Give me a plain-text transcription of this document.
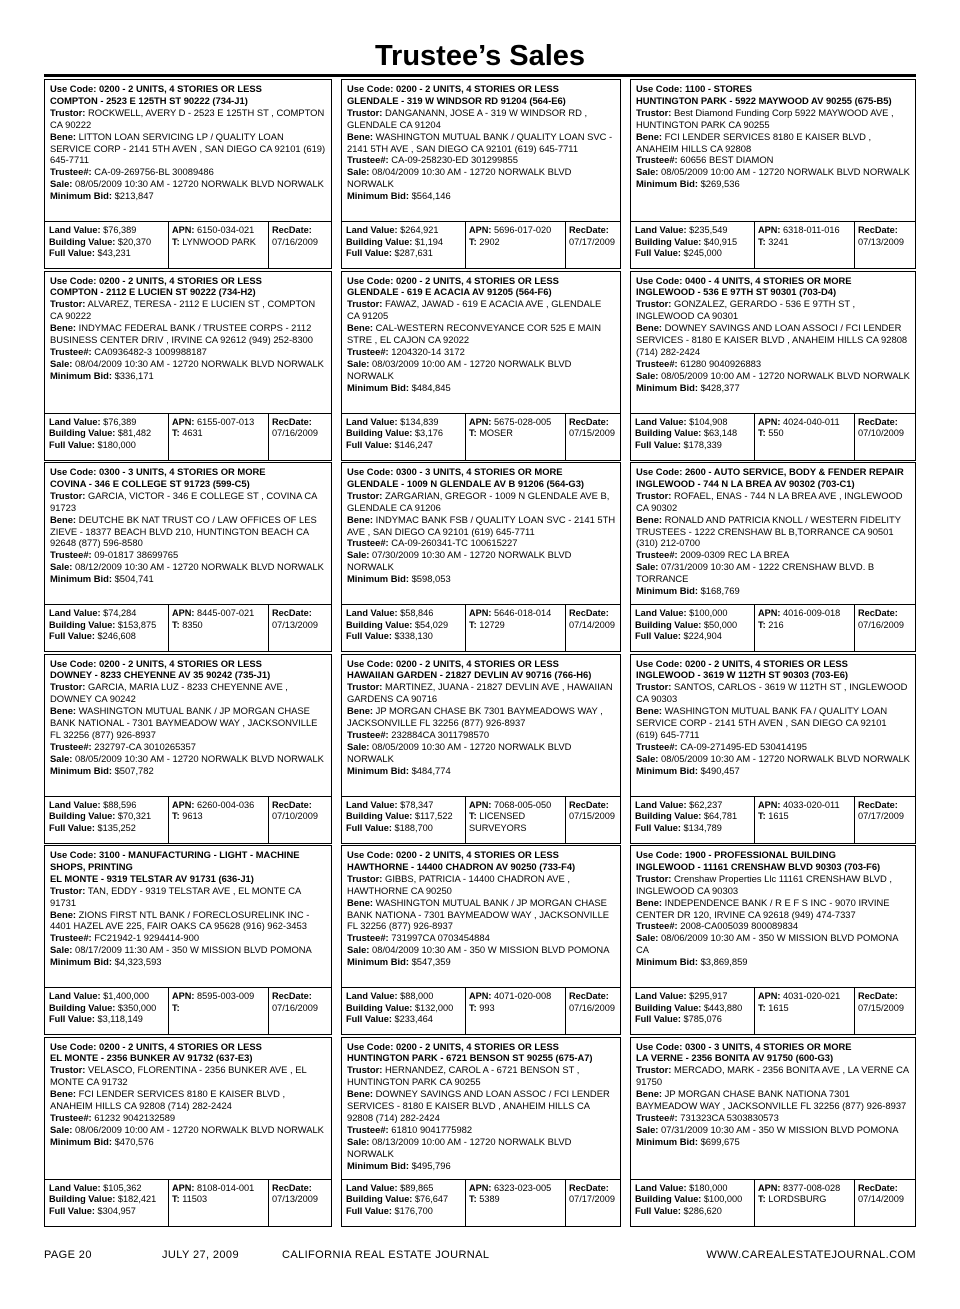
Trustee’s Sales
Use Code: 0200 - 2 UNITS, 4 STORIES OR LESS
COMPTON - 2523 E 125TH ST 90222 (734-J1)
Trustor: ROCKWELL, AVERY D - 2523 E 125TH ST , COMPTON CA 90222
Bene: LITTON LOAN SERVICING LP / QUALITY LOAN SERVICE CORP - 2141 5TH AVEN , SAN DIEGO CA 92101 (619) 645-7711
Trustee#: CA-09-269756-BL 30089486
Sale: 08/05/2009 10:30 AM - 12720 NORWALK BLVD NORWALK
Minimum Bid: $213,847
Land Value: $76,389
Building Value: $20,370
Full Value: $43,231
APN: 6150-034-021
T: LYNWOOD PARK
RecDate:
07/16/2009
Use Code: 0200 - 2 UNITS, 4 STORIES OR LESS
GLENDALE - 319 W WINDSOR RD 91204 (564-E6)
Trustor: DANGANANN, JOSE A - 319 W WINDSOR RD , GLENDALE CA 91204
Bene: WASHINGTON MUTUAL BANK / QUALITY LOAN SVC - 2141 5TH AVE , SAN DIEGO CA 92101 (619) 645-7711
Trustee#: CA-09-258230-ED 301299855
Sale: 08/04/2009 10:30 AM - 12720 NORWALK BLVD NORWALK
Minimum Bid: $564,146
Land Value: $264,921
Building Value: $1,194
Full Value: $287,631
APN: 5696-017-020
T: 2902
RecDate:
07/17/2009
Use Code: 1100 - STORES
HUNTINGTON PARK - 5922 MAYWOOD AV 90255 (675-B5)
Trustor: Best Diamond Funding Corp 5922 MAYWOOD AVE , HUNTINGTON PARK CA 90255
Bene: FCI LENDER SERVICES 8180 E KAISER BLVD , ANAHEIM HILLS CA 92808
Trustee#: 60656 BEST DIAMON
Sale: 08/05/2009 10:00 AM - 12720 NORWALK BLVD NORWALK
Minimum Bid: $269,536
Land Value: $235,549
Building Value: $40,915
Full Value: $245,000
APN: 6318-011-016
T: 3241
RecDate:
07/13/2009
Use Code: 0200 - 2 UNITS, 4 STORIES OR LESS
COMPTON - 2112 E LUCIEN ST 90222 (734-H2)
Trustor: ALVAREZ, TERESA - 2112 E LUCIEN ST , COMPTON CA 90222
Bene: INDYMAC FEDERAL BANK / TRUSTEE CORPS - 2112 BUSINESS CENTER DRIV , IRVINE CA 92612 (949) 252-8300
Trustee#: CA0936482-3 1009988187
Sale: 08/04/2009 10:30 AM - 12720 NORWALK BLVD NORWALK
Minimum Bid: $336,171
Land Value: $76,389
Building Value: $81,482
Full Value: $180,000
APN: 6155-007-013
T: 4631
RecDate:
07/16/2009
Use Code: 0200 - 2 UNITS, 4 STORIES OR LESS
GLENDALE - 619 E ACACIA AV 91205 (564-F6)
Trustor: FAWAZ, JAWAD - 619 E ACACIA AVE , GLENDALE CA 91205
Bene: CAL-WESTERN RECONVEYANCE COR 525 E MAIN STRE , EL CAJON CA 92022
Trustee#: 1204320-14 3172
Sale: 08/03/2009 10:00 AM - 12720 NORWALK BLVD NORWALK
Minimum Bid: $484,845
Land Value: $134,839
Building Value: $3,176
Full Value: $146,247
APN: 5675-028-005
T: MOSER
RecDate:
07/15/2009
Use Code: 0400 - 4 UNITS, 4 STORIES OR MORE
INGLEWOOD - 536 E 97TH ST 90301 (703-D4)
Trustor: GONZALEZ, GERARDO - 536 E 97TH ST , INGLEWOOD CA 90301
Bene: DOWNEY SAVINGS AND LOAN ASSOCI / FCI LENDER SERVICES - 8180 E KAISER BLVD , ANAHEIM HILLS CA 92808 (714) 282-2424
Trustee#: 61280 9040926883
Sale: 08/05/2009 10:00 AM - 12720 NORWALK BLVD NORWALK
Minimum Bid: $428,377
Land Value: $104,908
Building Value: $63,148
Full Value: $178,339
APN: 4024-040-011
T: 550
RecDate:
07/10/2009
Use Code: 0300 - 3 UNITS, 4 STORIES OR MORE
COVINA - 346 E COLLEGE ST 91723 (599-C5)
Trustor: GARCIA, VICTOR - 346 E COLLEGE ST , COVINA CA 91723
Bene: DEUTCHE BK NAT TRUST CO / LAW OFFICES OF LES ZIEVE - 18377 BEACH BLVD 210, HUNTINGTON BEACH CA 92648 (877) 596-8580
Trustee#: 09-01817 38699765
Sale: 08/12/2009 10:30 AM - 12720 NORWALK BLVD NORWALK
Minimum Bid: $504,741
Land Value: $74,284
Building Value: $153,875
Full Value: $246,608
APN: 8445-007-021
T: 8350
RecDate:
07/13/2009
Use Code: 0300 - 3 UNITS, 4 STORIES OR MORE
GLENDALE - 1009 N GLENDALE AV B 91206 (564-G3)
Trustor: ZARGARIAN, GREGOR - 1009 N GLENDALE AVE B, GLENDALE CA 91206
Bene: INDYMAC BANK FSB / QUALITY LOAN SVC - 2141 5TH AVE , SAN DIEGO CA 92101 (619) 645-7711
Trustee#: CA-09-260341-TC 100615227
Sale: 07/30/2009 10:30 AM - 12720 NORWALK BLVD NORWALK
Minimum Bid: $598,053
Land Value: $58,846
Building Value: $54,029
Full Value: $338,130
APN: 5646-018-014
T: 12729
RecDate:
07/14/2009
Use Code: 2600 - AUTO SERVICE, BODY & FENDER REPAIR
INGLEWOOD - 744 N LA BREA AV 90302 (703-C1)
Trustor: ROFAEL, ENAS - 744 N LA BREA AVE , INGLEWOOD CA 90302
Bene: RONALD AND PATRICIA KNOLL / WESTERN FIDELITY TRUSTEES - 1222 CRENSHAW BL B,TORRANCE CA 90501 (310) 212-0700
Trustee#: 2009-0309 REC LA BREA
Sale: 07/31/2009 10:30 AM - 1222 CRENSHAW BLVD. B TORRANCE
Minimum Bid: $168,769
Land Value: $100,000
Building Value: $50,000
Full Value: $224,904
APN: 4016-009-018
T: 216
RecDate:
07/16/2009
Use Code: 0200 - 2 UNITS, 4 STORIES OR LESS
DOWNEY - 8233 CHEYENNE AV 35 90242 (735-J1)
Trustor: GARCIA, MARIA LUZ - 8233 CHEYENNE AVE , DOWNEY CA 90242
Bene: WASHINGTON MUTUAL BANK / JP MORGAN CHASE BANK NATIONAL - 7301 BAYMEADOW WAY , JACKSONVILLE FL 32256 (877) 926-8937
Trustee#: 232797-CA 3010265357
Sale: 08/05/2009 10:30 AM - 12720 NORWALK BLVD NORWALK
Minimum Bid: $507,782
Land Value: $88,596
Building Value: $70,321
Full Value: $135,252
APN: 6260-004-036
T: 9613
RecDate:
07/10/2009
Use Code: 0200 - 2 UNITS, 4 STORIES OR LESS
HAWAIIAN GARDEN - 21827 DEVLIN AV 90716 (766-H6)
Trustor: MARTINEZ, JUANA - 21827 DEVLIN AVE , HAWAIIAN GARDENS CA 90716
Bene: JP MORGAN CHASE BK 7301 BAYMEADOWS WAY , JACKSONVILLE FL 32256 (877) 926-8937
Trustee#: 232884CA 3011798570
Sale: 08/05/2009 10:30 AM - 12720 NORWALK BLVD NORWALK
Minimum Bid: $484,774
Land Value: $78,347
Building Value: $117,522
Full Value: $188,700
APN: 7068-005-050
T: LICENSED SURVEYORS
RecDate:
07/15/2009
Use Code: 0200 - 2 UNITS, 4 STORIES OR LESS
INGLEWOOD - 3619 W 112TH ST 90303 (703-E6)
Trustor: SANTOS, CARLOS - 3619 W 112TH ST , INGLEWOOD CA 90303
Bene: WASHINGTON MUTUAL BANK FA / QUALITY LOAN SERVICE CORP - 2141 5TH AVEN , SAN DIEGO CA 92101 (619) 645-7711
Trustee#: CA-09-271495-ED 530414195
Sale: 08/05/2009 10:30 AM - 12720 NORWALK BLVD NORWALK
Minimum Bid: $490,457
Land Value: $62,237
Building Value: $64,781
Full Value: $134,789
APN: 4033-020-011
T: 1615
RecDate:
07/17/2009
Use Code: 3100 - MANUFACTURING - LIGHT - MACHINE SHOPS, PRINTING
EL MONTE - 9319 TELSTAR AV 91731 (636-J1)
Trustor: TAN, EDDY - 9319 TELSTAR AVE , EL MONTE CA 91731
Bene: ZIONS FIRST NTL BANK / FORECLOSURELINK INC - 4401 HAZEL AVE 225, FAIR OAKS CA 95628 (916) 962-3453
Trustee#: FC21942-1 9294414-900
Sale: 08/17/2009 11:30 AM - 350 W MISSION BLVD POMONA
Minimum Bid: $4,323,593
Land Value: $1,400,000
Building Value: $350,000
Full Value: $3,118,149
APN: 8595-003-009
T:
RecDate:
07/16/2009
Use Code: 0200 - 2 UNITS, 4 STORIES OR LESS
HAWTHORNE - 14400 CHADRON AV 90250 (733-F4)
Trustor: GIBBS, PATRICIA - 14400 CHADRON AVE , HAWTHORNE CA 90250
Bene: WASHINGTON MUTUAL BANK / JP MORGAN CHASE BANK NATIONA - 7301 BAYMEADOW WAY , JACKSONVILLE FL 32256 (877) 926-8937
Trustee#: 731997CA 0703454884
Sale: 08/04/2009 10:30 AM - 350 W MISSION BLVD POMONA
Minimum Bid: $547,359
Land Value: $88,000
Building Value: $132,000
Full Value: $233,464
APN: 4071-020-008
T: 993
RecDate:
07/16/2009
Use Code: 1900 - PROFESSIONAL BUILDING
INGLEWOOD - 11161 CRENSHAW BLVD 90303 (703-F6)
Trustor: Crenshaw Properties Llc 11161 CRENSHAW BLVD , INGLEWOOD CA 90303
Bene: INDEPENDENCE BANK / R E F S INC - 9070 IRVINE CENTER DR 120, IRVINE CA 92618 (949) 474-7337
Trustee#: 2008-CA005039 800089834
Sale: 08/06/2009 10:30 AM - 350 W MISSION BLVD POMONA CA
Minimum Bid: $3,869,859
Land Value: $295,917
Building Value: $443,880
Full Value: $785,076
APN: 4031-020-021
T: 1615
RecDate:
07/15/2009
Use Code: 0200 - 2 UNITS, 4 STORIES OR LESS
EL MONTE - 2356 BUNKER AV 91732 (637-E3)
Trustor: VELASCO, FLORENTINA - 2356 BUNKER AVE , EL MONTE CA 91732
Bene: FCI LENDER SERVICES 8180 E KAISER BLVD , ANAHEIM HILLS CA 92808 (714) 282-2424
Trustee#: 61232 9042132589
Sale: 08/06/2009 10:00 AM - 12720 NORWALK BLVD NORWALK
Minimum Bid: $470,576
Land Value: $105,362
Building Value: $182,421
Full Value: $304,957
APN: 8108-014-001
T: 11503
RecDate:
07/13/2009
Use Code: 0200 - 2 UNITS, 4 STORIES OR LESS
HUNTINGTON PARK - 6721 BENSON ST 90255 (675-A7)
Trustor: HERNANDEZ, CAROL A - 6721 BENSON ST , HUNTINGTON PARK CA 90255
Bene: DOWNEY SAVINGS AND LOAN ASSOC / FCI LENDER SERVICES - 8180 E KAISER BLVD , ANAHEIM HILLS CA 92808 (714) 282-2424
Trustee#: 61810 9041775982
Sale: 08/13/2009 10:00 AM - 12720 NORWALK BLVD NORWALK
Minimum Bid: $495,796
Land Value: $89,865
Building Value: $76,647
Full Value: $176,700
APN: 6323-023-005
T: 5389
RecDate:
07/17/2009
Use Code: 0300 - 3 UNITS, 4 STORIES OR MORE
LA VERNE - 2356 BONITA AV 91750 (600-G3)
Trustor: MERCADO, MARK - 2356 BONITA AVE , LA VERNE CA 91750
Bene: JP MORGAN CHASE BANK NATIONA 7301 BAYMEADOW WAY , JACKSONVILLE FL 32256 (877) 926-8937
Trustee#: 731323CA 5303830573
Sale: 07/31/2009 10:30 AM - 350 W MISSION BLVD POMONA
Minimum Bid: $699,675
Land Value: $180,000
Building Value: $100,000
Full Value: $286,620
APN: 8377-008-028
T: LORDSBURG
RecDate:
07/14/2009
PAGE 20	JULY 27, 2009	CALIFORNIA REAL ESTATE JOURNAL	WWW.CAREALESTATEJOURNAL.COM
